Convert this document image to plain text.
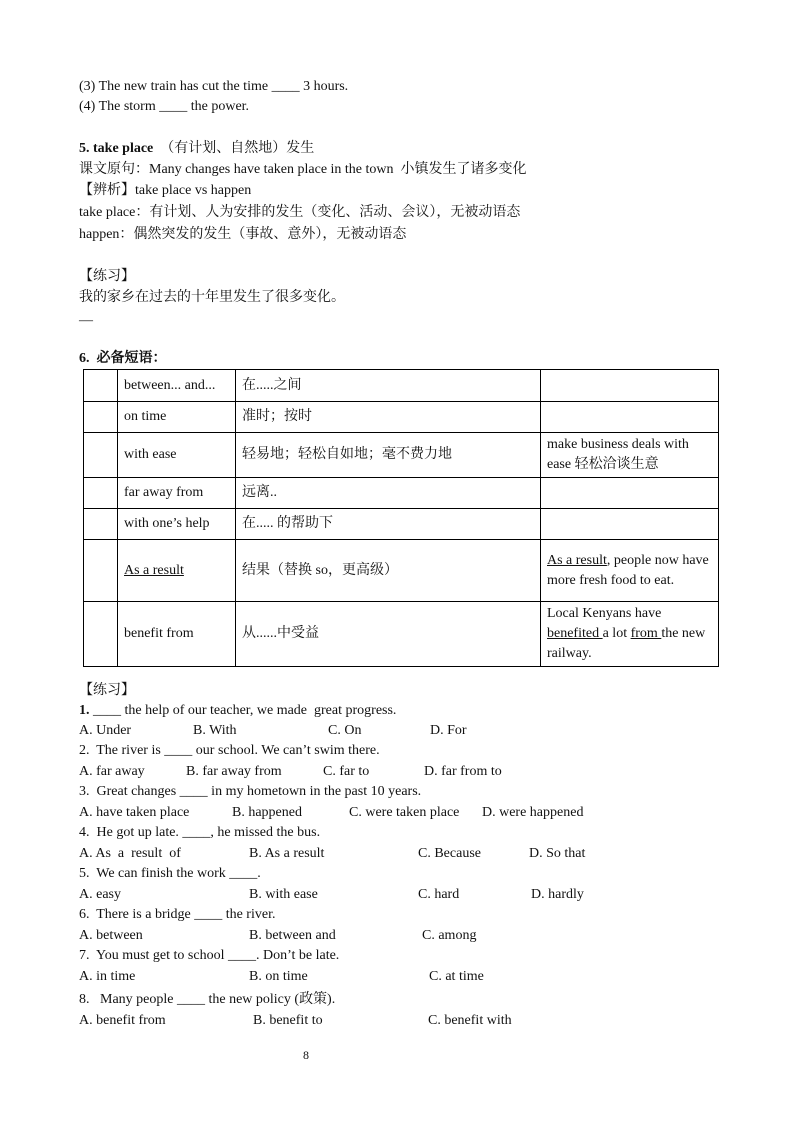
(3) The new train has cut the time ____ 3 hours.
(4) The storm ____ the power.
5. take place （有计划、自然地）发生
课文原句：Many changes have taken place in the town  小镇发生了诸多变化
【辨析】take place vs happen
take place：有计划、人为安排的发生（变化、活动、会议），无被动语态
happen：偶然突发的发生（事故、意外），无被动语态
【练习】
我的家乡在过去的十年里发生了很多变化。
—
6.  必备短语：
	between... and...	在.....之间	
	on time	准时；按时	
	with ease	轻易地；轻松自如地；毫不费力地	make business deals with ease 轻松洽谈生意
	far away from	远离..	
	with one’s help	在..... 的帮助下	
	As a result	结果（替换 so，更高级）	As a result, people now have more fresh food to eat.
	benefit from	从......中受益	Local Kenyans have benefited a lot from the new railway.
【练习】
1. ____ the help of our teacher, we made  great progress.
A. Under	B. With	C. On	D. For
2.  The river is ____ our school. We can’t swim there.
A. far away	B. far away from	C. far to	D. far from to
3.  Great changes ____ in my hometown in the past 10 years.
A. have taken place	B. happened	C. were taken place D. were happened
4.  He got up late. ____, he missed the bus.
A. As  a  result  of	B. As a result	C. Because	D. So that
5.  We can finish the work ____.
A. easy	B. with ease	C. hard	D. hardly
6.  There is a bridge ____ the river.
A. between	B. between and	C. among
7.  You must get to school ____. Don’t be late.
A. in time	B. on time	C. at time
8.   Many people ____ the new policy (政策).
A. benefit from	B. benefit to	C. benefit with
8
